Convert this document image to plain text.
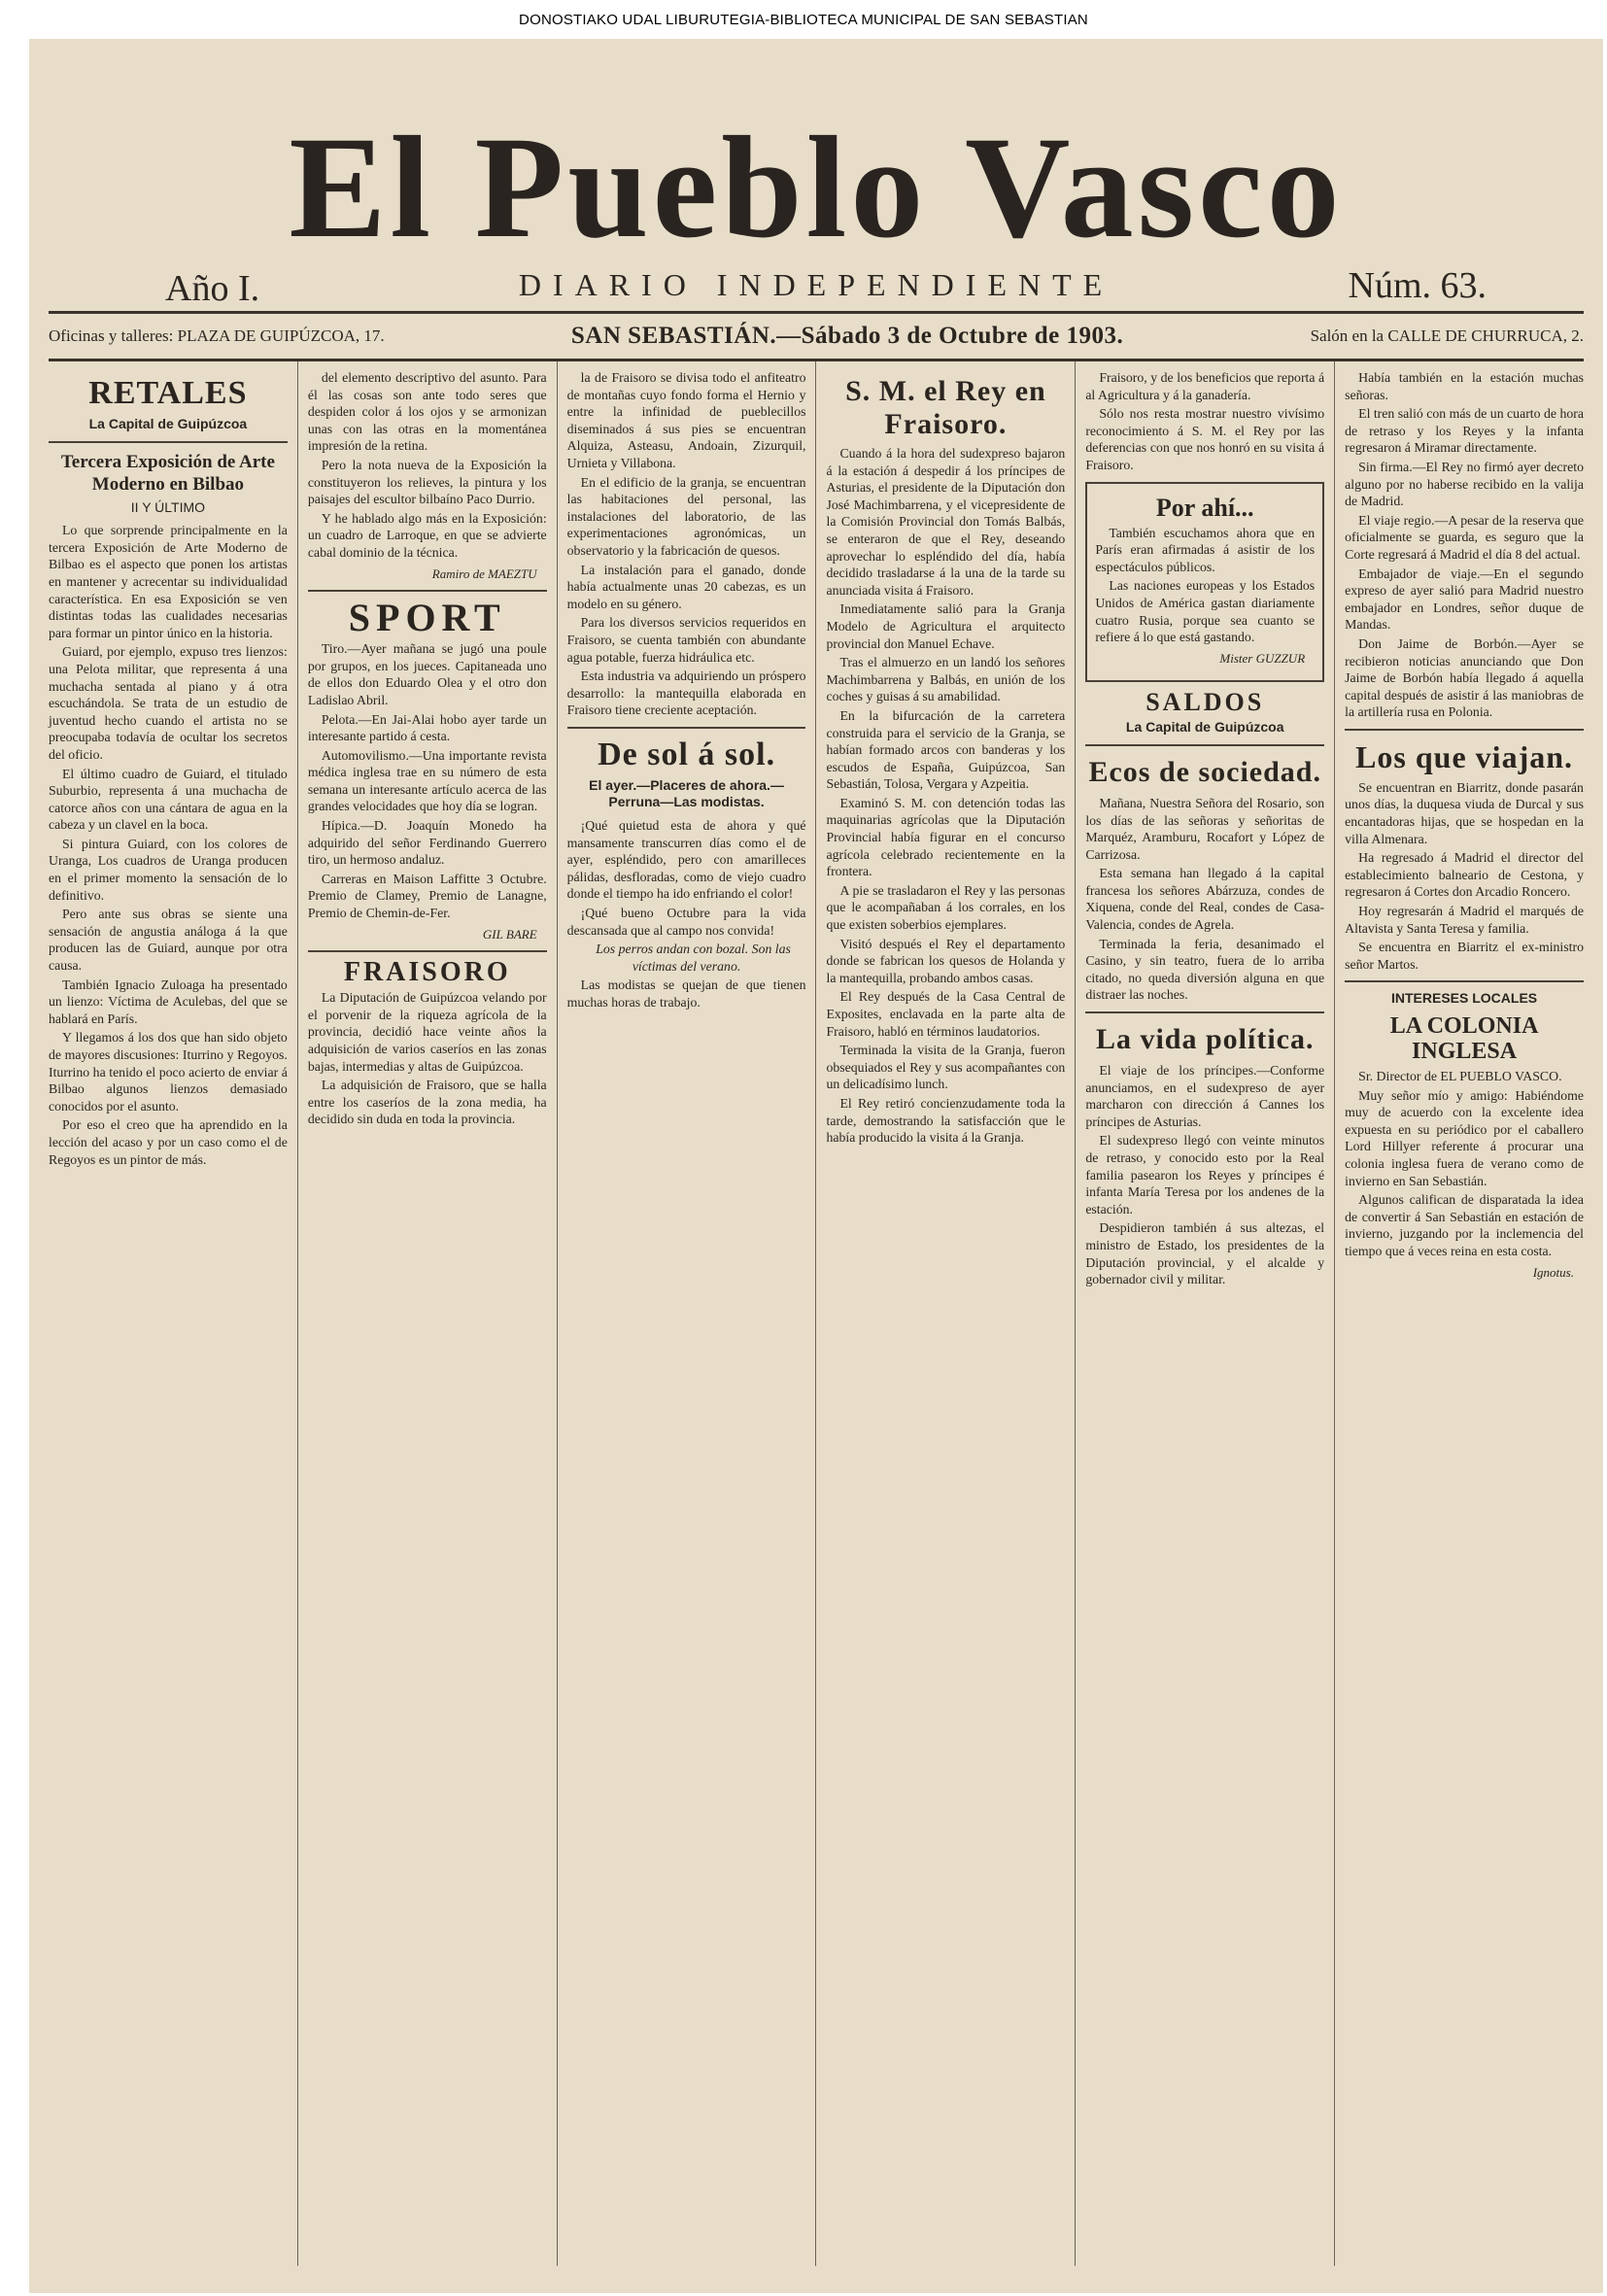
DONOSTIAKO UDAL LIBURUTEGIA-BIBLIOTECA MUNICIPAL DE SAN SEBASTIAN
El Pueblo Vasco
Año I.	DIARIO INDEPENDIENTE	Núm. 63.
Oficinas y talleres: PLAZA DE GUIPÚZCOA, 17.	SAN SEBASTIÁN.—Sábado 3 de Octubre de 1903.	Salón en la CALLE DE CHURRUCA, 2.
RETALES
La Capital de Guipúzcoa
Tercera Exposición de Arte Moderno en Bilbao
II Y ÚLTIMO

Lo que sorprende principalmente en la tercera Exposición de Arte Moderno de Bilbao es el aspecto que ponen los artistas en mantener y acrecentar su individualidad característica. En esa Exposición se ven distintas todas las cualidades necesarias para formar un pintor único en la historia.

Guiard, por ejemplo, expuso tres lienzos: una Pelota militar, que representa á una muchacha sentada al piano y á otra escuchándola. Se trata de un estudio de juventud hecho cuando el artista no se preocupaba todavía de ocultar los secretos del oficio.

El último cuadro de Guiard, el titulado Suburbio, representa á una muchacha de catorce años con una cántara de agua en la cabeza y un clavel en la boca.

Si pintura Guiard, con los colores de Uranga, Los cuadros de Uranga producen en el primer momento la sensación de lo definitivo.

Pero ante sus obras se siente una sensación de angustia análoga á la que producen las de Guiard, aunque por otra causa.

También Ignacio Zuloaga ha presentado un lienzo: Víctima de Aculebas, del que se hablará en París.

Y llegamos á los dos que han sido objeto de mayores discusiones: Iturrino y Regoyos. Iturrino ha tenido el poco acierto de enviar á Bilbao algunos lienzos demasiado conocidos por el asunto.

Por eso el creo que ha aprendido en la lección del acaso y por un caso como el de Regoyos es un pintor de más.

del elemento descriptivo del asunto. Para él las cosas son ante todo seres que despiden color á los ojos y se armonizan unas con las otras en la momentánea impresión de la retina.

Pero la nota nueva de la Exposición la constituyeron los relieves, la pintura y los paisajes del escultor bilbaíno Paco Durrio.

Y he hablado algo más en la Exposición: un cuadro de Larroque, en que se advierte cabal dominio de la técnica.

Ramiro de MAEZTU
SPORT

Tiro.—Ayer mañana se jugó una poule por grupos, en los jueces. Capitaneada uno de ellos don Eduardo Olea y el otro don Ladislao Abril.

Pelota.—En Jai-Alai hobo ayer tarde un interesante partido á cesta.

Automovilismo.—Una importante revista médica inglesa trae en su número de esta semana un interesante artículo acerca de las grandes velocidades que hoy día se logran.

Hípica.—D. Joaquín Monedo ha adquirido del señor Ferdinando Guerrero tiro, un hermoso andaluz.

Carreras en Maison Laffitte 3 Octubre. Premio de Clamey, Premio de Lanagne, Premio de Chemin-de-Fer.

GIL BARE
FRAISORO

La Diputación de Guipúzcoa velando por el porvenir de la riqueza agrícola de la provincia, decidió hace veinte años la adquisición de varios caseríos en las zonas bajas, intermedias y altas de Guipúzcoa.

La adquisición de Fraisoro, que se halla entre los caseríos de la zona media, ha decidido sin duda en toda la provincia.

la de Fraisoro se divisa todo el anfiteatro de montañas cuyo fondo forma el Hernio y entre la infinidad de pueblecillos diseminados á sus pies se encuentran Alquiza, Asteasu, Andoain, Zizurquil, Urnieta y Villabona.

En el edificio de la granja, se encuentran las habitaciones del personal, las instalaciones del laboratorio, de las experimentaciones agronómicas, un observatorio y la fabricación de quesos.

La instalación para el ganado, donde había actualmente unas 20 cabezas, es un modelo en su género.

Para los diversos servicios requeridos en Fraisoro, se cuenta también con abundante agua potable, fuerza hidráulica etc.

Esta industria va adquiriendo un próspero desarrollo: la mantequilla elaborada en Fraisoro tiene creciente aceptación.

De sol á sol.
El ayer.—Placeres de ahora.—Perruna—Las modistas.

¡Qué quietud esta de ahora y qué mansamente transcurren días como el de ayer, espléndido, pero con amarilleces pálidas, desfloradas, como de viejo cuadro donde el tiempo ha ido enfriando el color!

¡Qué bueno Octubre para la vida descansada que al campo nos convida!

Los perros andan con bozal. Son las víctimas del verano.

Las modistas se quejan de que tienen muchas horas de trabajo.

S. M. el Rey en Fraisoro.

Cuando á la hora del sudexpreso bajaron á la estación á despedir á los príncipes de Asturias, el presidente de la Diputación don José Machimbarrena, y el vicepresidente de la Comisión Provincial don Tomás Balbás, se enteraron de que el Rey, deseando aprovechar lo espléndido del día, había decidido trasladarse á la una de la tarde su anunciada visita á Fraisoro.

Inmediatamente salió para la Granja Modelo de Agricultura el arquitecto provincial don Manuel Echave.

Tras el almuerzo en un landó los señores Machimbarrena y Balbás, en unión de los coches y guisas á su amabilidad.

En la bifurcación de la carretera construida para el servicio de la Granja, se habían formado arcos con banderas y los escudos de España, Guipúzcoa, San Sebastián, Tolosa, Vergara y Azpeitia.

Examinó S. M. con detención todas las maquinarias agrícolas que la Diputación Provincial había figurar en el concurso agrícola celebrado recientemente en la frontera.

A pie se trasladaron el Rey y las personas que le acompañaban á los corrales, en los que existen soberbios ejemplares.

Visitó después el Rey el departamento donde se fabrican los quesos de Holanda y la mantequilla, probando ambos casas.

El Rey después de la Casa Central de Exposites, enclavada en la parte alta de Fraisoro, habló en términos laudatorios.

Terminada la visita de la Granja, fueron obsequiados el Rey y sus acompañantes con un delicadísimo lunch.

El Rey retiró concienzudamente toda la tarde, demostrando la satisfacción que le había producido la visita á la Granja.

Fraisoro, y de los beneficios que reporta á al Agricultura y á la ganadería.

Sólo nos resta mostrar nuestro vivísimo reconocimiento á S. M. el Rey por las deferencias con que nos honró en su visita á Fraisoro.

Por ahí...

También escuchamos ahora que en París eran afirmadas á asistir de los espectáculos públicos.

Las naciones europeas y los Estados Unidos de América gastan diariamente cuatro Rusia, porque sea cuanto se refiere á lo que está gastando.

Mister GUZZUR
SALDOS
La Capital de Guipúzcoa
Ecos de sociedad.

Mañana, Nuestra Señora del Rosario, son los días de las señoras y señoritas de Marquéz, Aramburu, Rocafort y López de Carrizosa.

Esta semana han llegado á la capital francesa los señores Abárzuza, condes de Xiquena, conde del Real, condes de Casa-Valencia, condes de Agrela.

Terminada la feria, desanimado el Casino, y sin teatro, fuera de lo arriba citado, no queda diversión alguna en que distraer las noches.

La vida política.

El viaje de los príncipes.—Conforme anunciamos, en el sudexpreso de ayer marcharon con dirección á Cannes los príncipes de Asturias.

El sudexpreso llegó con veinte minutos de retraso, y conocido esto por la Real familia pasearon los Reyes y príncipes é infanta María Teresa por los andenes de la estación.

Despidieron también á sus altezas, el ministro de Estado, los presidentes de la Diputación provincial, y el alcalde y gobernador civil y militar.

Había también en la estación muchas señoras.

El tren salió con más de un cuarto de hora de retraso y los Reyes y la infanta regresaron á Miramar directamente.

Sin firma.—El Rey no firmó ayer decreto alguno por no haberse recibido en la valija de Madrid.

El viaje regio.—A pesar de la reserva que oficialmente se guarda, es seguro que la Corte regresará á Madrid el día 8 del actual.

Embajador de viaje.—En el segundo expreso de ayer salió para Madrid nuestro embajador en Londres, señor duque de Mandas.

Don Jaime de Borbón.—Ayer se recibieron noticias anunciando que Don Jaime de Borbón había llegado á aquella capital después de asistir á las maniobras de la artillería rusa en Polonia.

Los que viajan.

Se encuentran en Biarritz, donde pasarán unos días, la duquesa viuda de Durcal y sus encantadoras hijas, que se hospedan en la villa Almenara.

Ha regresado á Madrid el director del establecimiento balneario de Cestona, y regresaron á Cortes don Arcadio Roncero.

Hoy regresarán á Madrid el marqués de Altavista y Santa Teresa y familia.

Se encuentra en Biarritz el ex-ministro señor Martos.

INTERESES LOCALES
LA COLONIA INGLESA

Sr. Director de EL PUEBLO VASCO.

Muy señor mío y amigo: Habiéndome muy de acuerdo con la excelente idea expuesta en su periódico por el caballero Lord Hillyer referente á procurar una colonia inglesa fuera de verano como de invierno en San Sebastián.

Algunos califican de disparatada la idea de convertir á San Sebastián en estación de invierno, juzgando por la inclemencia del tiempo que á veces reina en esta costa.

Ignotus.
